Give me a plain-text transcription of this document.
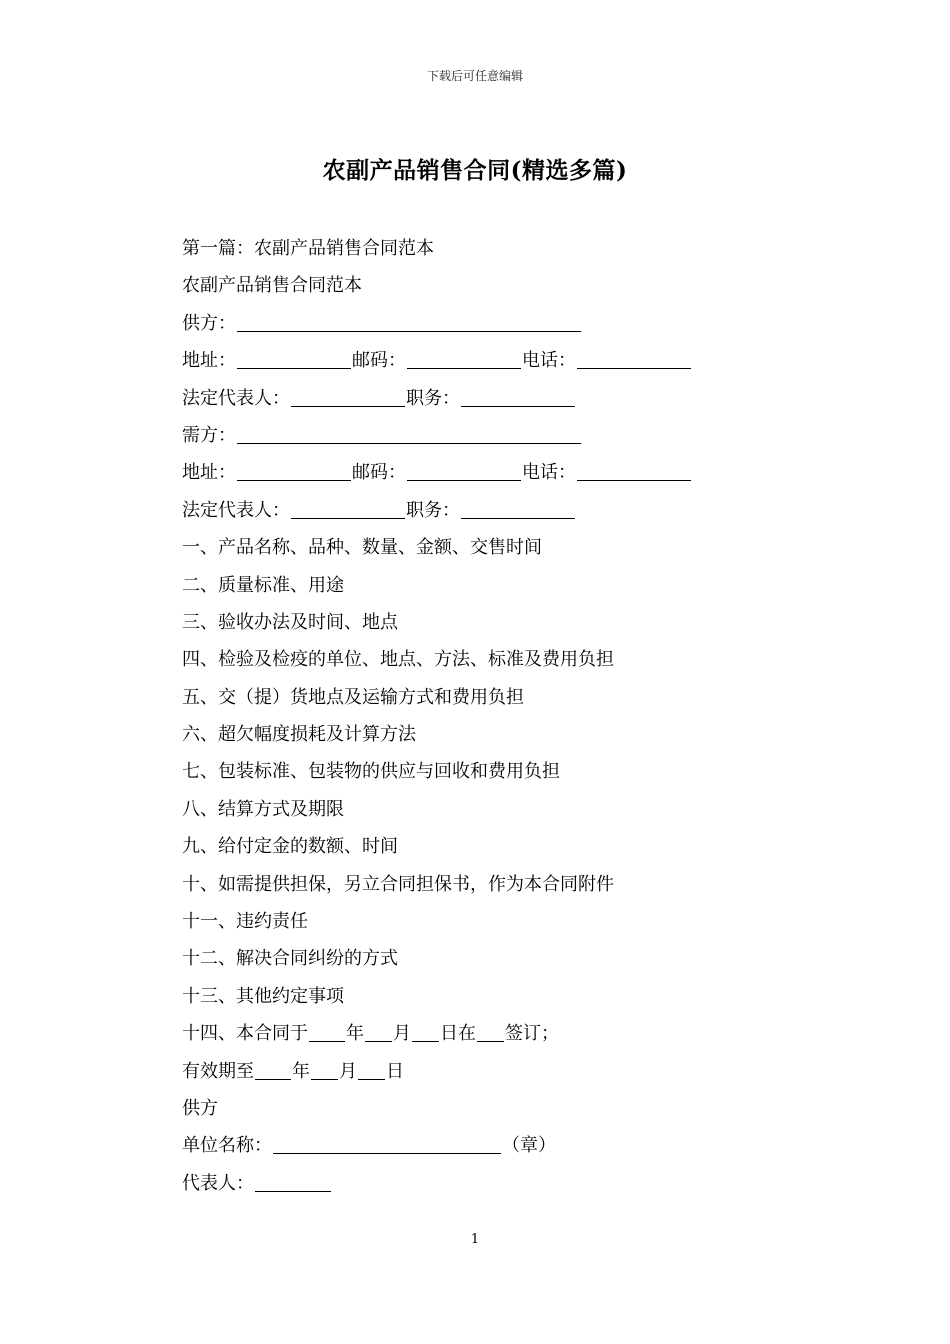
下载后可任意编辑
农副产品销售合同(精选多篇)
第一篇：农副产品销售合同范本
农副产品销售合同范本
供方：
地址：	邮码：	电话：
法定代表人：	职务：
需方：
地址：	邮码：	电话：
法定代表人：	职务：
一、产品名称、品种、数量、金额、交售时间
二、质量标准、用途
三、验收办法及时间、地点
四、检验及检疫的单位、地点、方法、标准及费用负担
五、交（提）货地点及运输方式和费用负担
六、超欠幅度损耗及计算方法
七、包装标准、包装物的供应与回收和费用负担
八、结算方式及期限
九、给付定金的数额、时间
十、如需提供担保，另立合同担保书，作为本合同附件
十一、违约责任
十二、解决合同纠纷的方式
十三、其他约定事项
十四、本合同于 年 月 日在 签订；
有效期至 年 月 日
供方
单位名称：	（章）
代表人：
1
